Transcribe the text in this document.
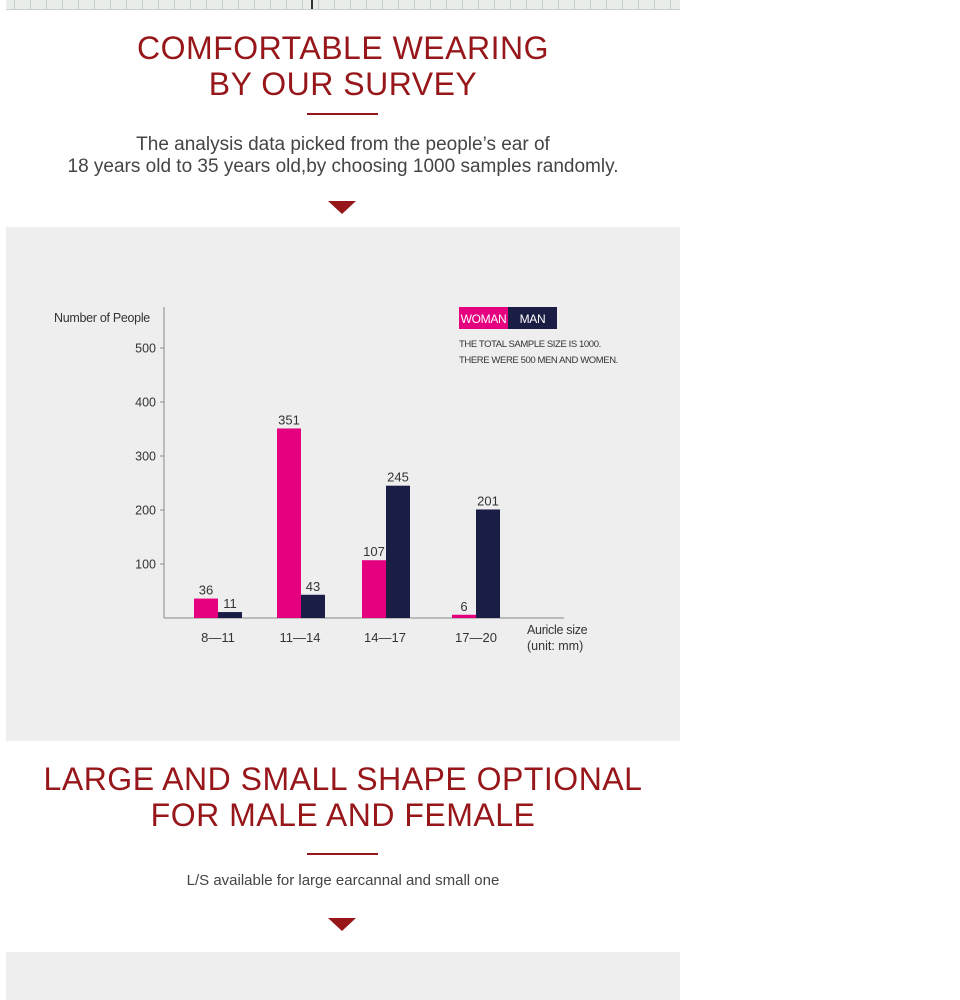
COMFORTABLE WEARING
BY OUR SURVEY
The analysis data picked from the people’s ear of
18 years old to 35 years old,by choosing 1000 samples randomly.
Number of People
100
200
300
400
500
36
351
107
6
11
43
245
201
8—11	11—14	14—17	17—20 Auricle size
(unit: mm)
WOMAN MAN
THE TOTAL SAMPLE SIZE IS 1000.
THERE WERE 500 MEN AND WOMEN.
LARGE AND SMALL SHAPE OPTIONAL
FOR MALE AND FEMALE
L/S available for large earcannal and small one
